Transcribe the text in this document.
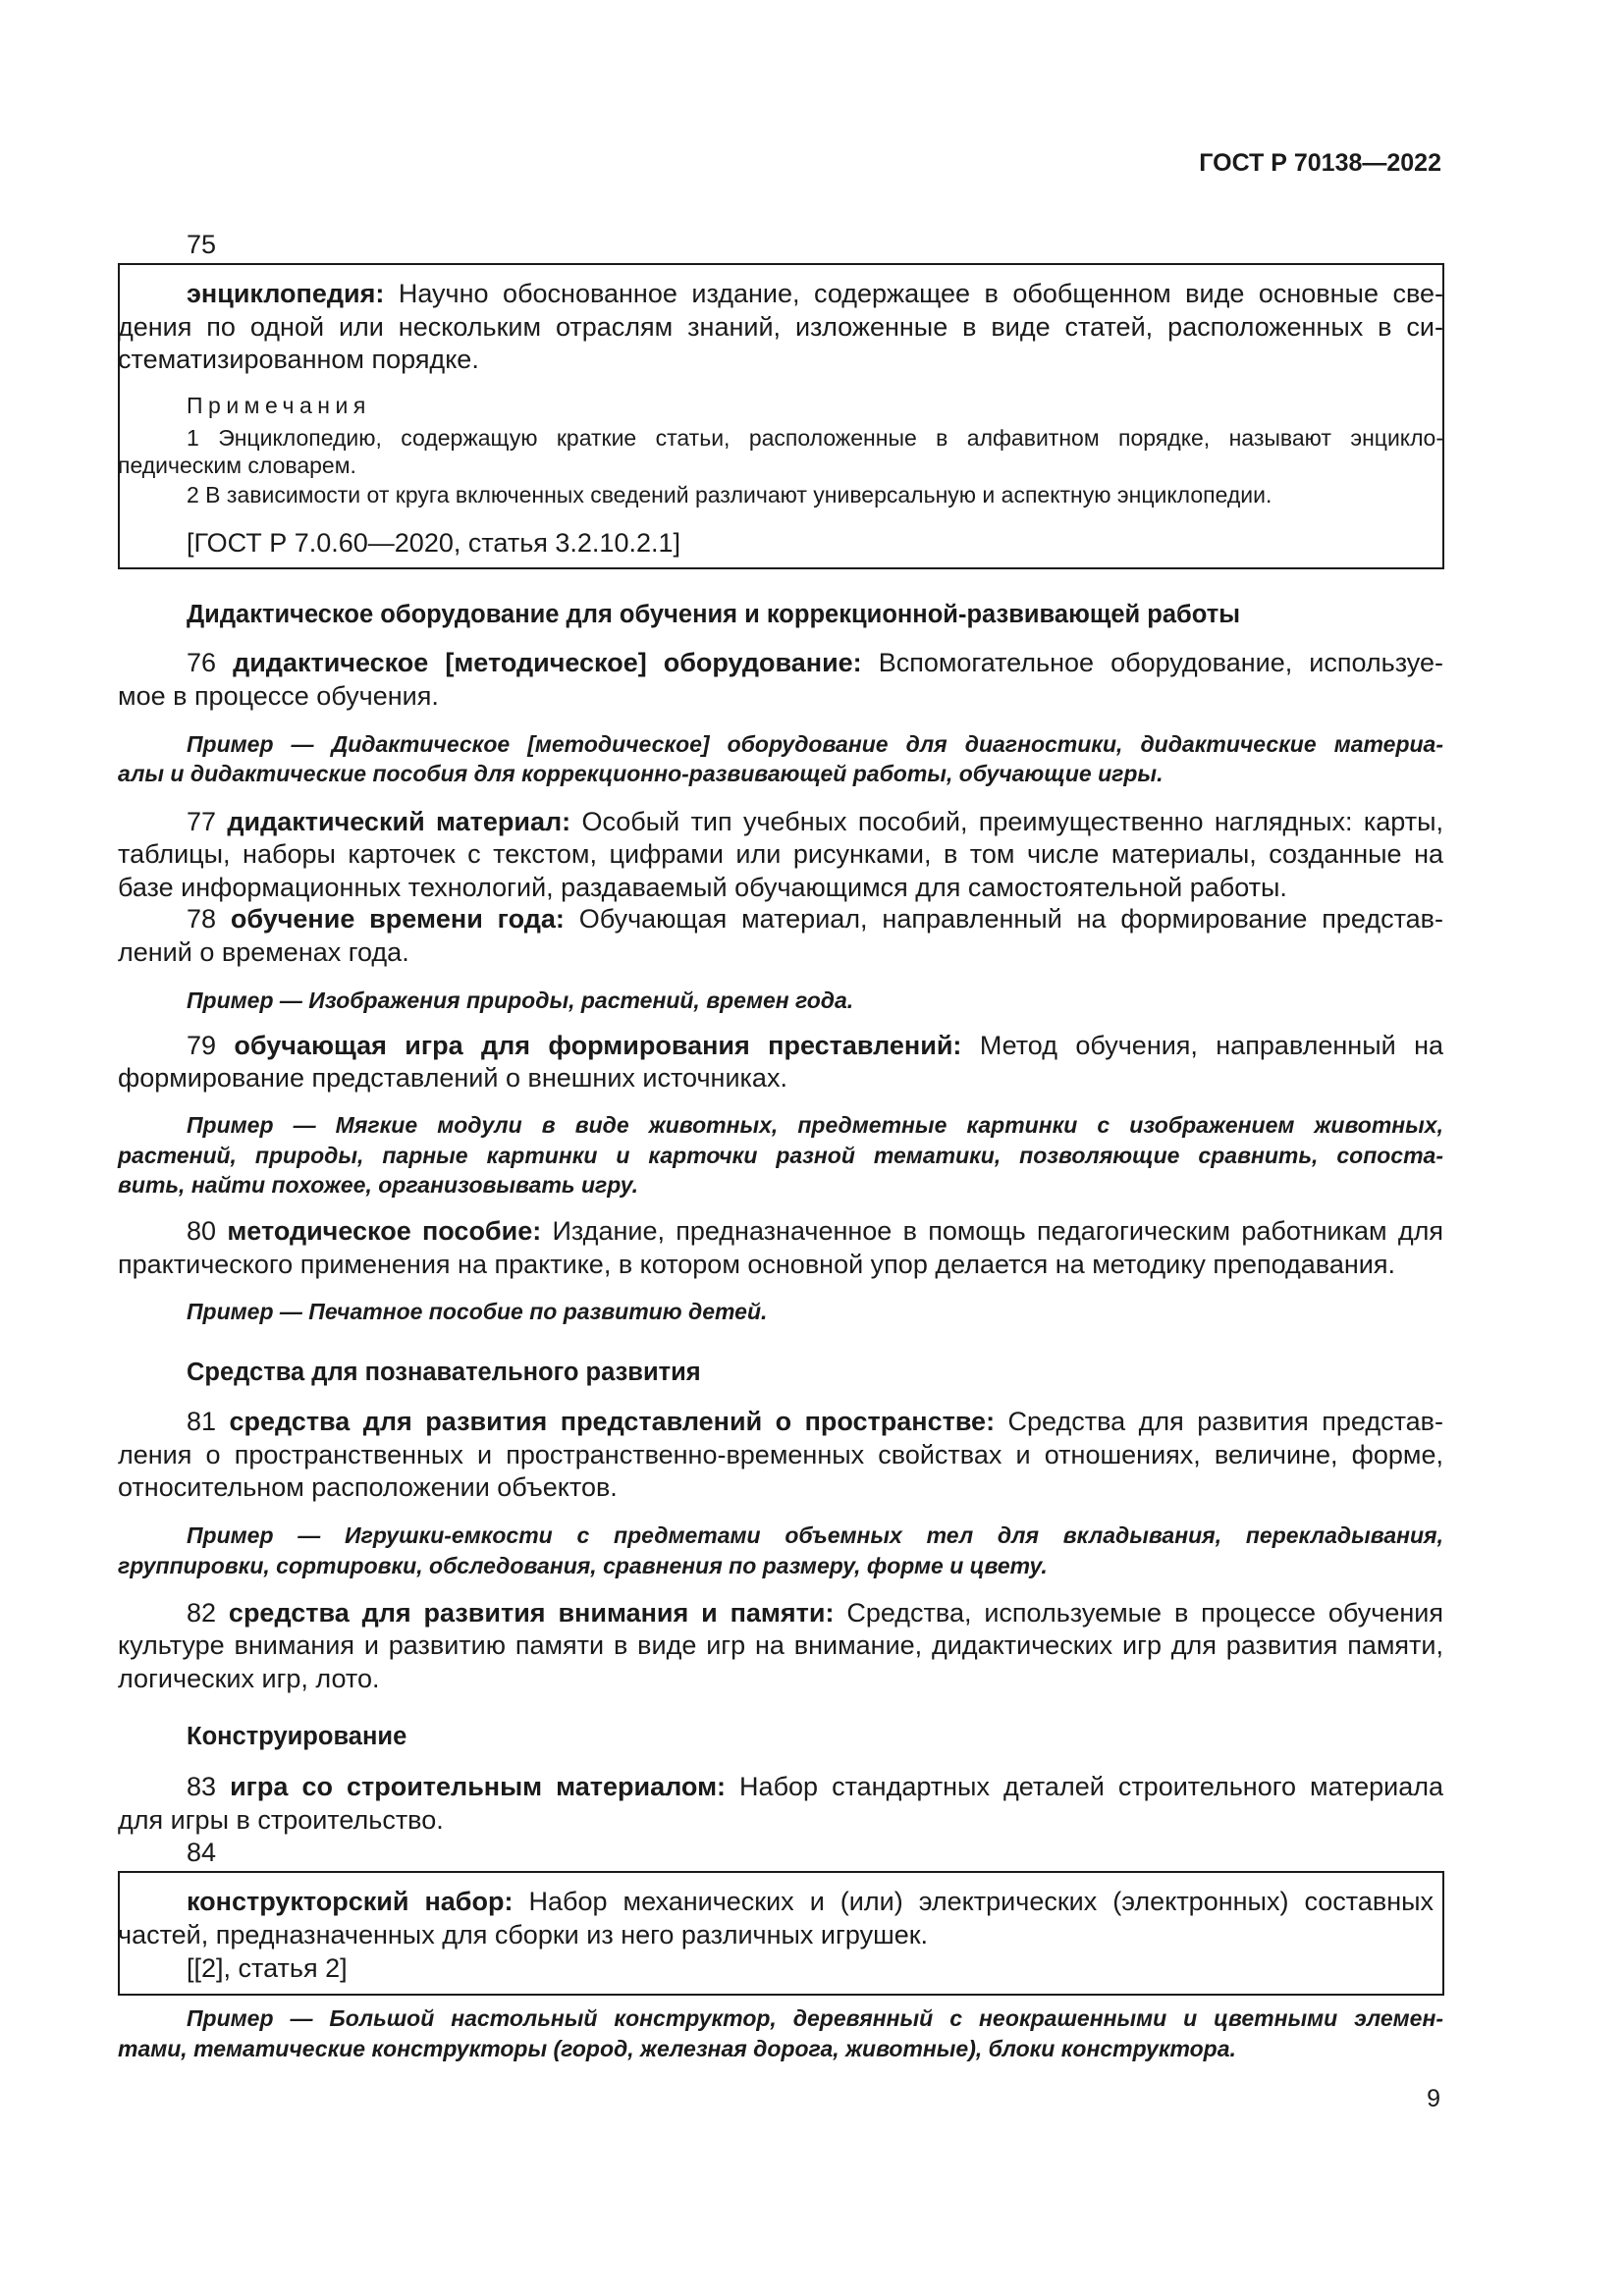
ГОСТ Р 70138—2022
75
энциклопедия: Научно обоснованное издание, содержащее в обобщенном виде основные све-
дения по одной или нескольким отраслям знаний, изложенные в виде статей, расположенных в си-
стематизированном порядке.
Примечания
1 Энциклопедию, содержащую краткие статьи, расположенные в алфавитном порядке, называют энциклo-
педическим словарем.
2 В зависимости от круга включенных сведений различают универсальную и аспектную энциклопедии.
[ГОСТ Р 7.0.60—2020, статья 3.2.10.2.1]
Дидактическое оборудование для обучения и коррекционной-развивающей работы
76 дидактическое [методическое] оборудование: Вспомогательное оборудование, используе-
мое в процессе обучения.
Пример — Дидактическое [методическое] оборудование для диагностики, дидактические материа-
алы и дидактические пособия для коррекционно-развивающей работы, обучающие игры.
77 дидактический материал: Особый тип учебных пособий, преимущественно наглядных: карты,
таблицы, наборы карточек с текстом, цифрами или рисунками, в том числе материалы, созданные на
базе информационных технологий, раздаваемый обучающимся для самостоятельной работы.
78 обучение времени года: Обучающая материал, направленный на формирование представ-
лений о временах года.
Пример — Изображения природы, растений, времен года.
79 обучающая игра для формирования преставлений: Метод обучения, направленный на
формирование представлений о внешних источниках.
Пример — Мягкие модули в виде животных, предметные картинки с изображением животных,
растений, природы, парные картинки и карточки разной тематики, позволяющие сравнить, сопоста-
вить, найти похожее, организовывать игру.
80 методическое пособие: Издание, предназначенное в помощь педагогическим работникам для
практического применения на практике, в котором основной упор делается на методику преподавания.
Пример — Печатное пособие по развитию детей.
Средства для познавательного развития
81 средства для развития представлений о пространстве: Средства для развития представ-
ления о пространственных и пространственно-временных свойствах и отношениях, величине, форме,
относительном расположении объектов.
Пример — Игрушки-емкости с предметами объемных тел для вкладывания, перекладывания,
группировки, сортировки, обследования, сравнения по размеру, форме и цвету.
82 средства для развития внимания и памяти: Средства, используемые в процессе обучения
культуре внимания и развитию памяти в виде игр на внимание, дидактических игр для развития памяти,
логических игр, лото.
Конструирование
83 игра со строительным материалом: Набор стандартных деталей строительного материала
для игры в строительство.
84
конструкторский набор: Набор механических и (или) электрических (электронных) составных
частей, предназначенных для сборки из него различных игрушек.
[[2], статья 2]
Пример — Большой настольный конструктор, деревянный с неокрашенными и цветными элемен-
тами, тематические конструкторы (город, железная дорога, животные), блоки конструктора.
9
